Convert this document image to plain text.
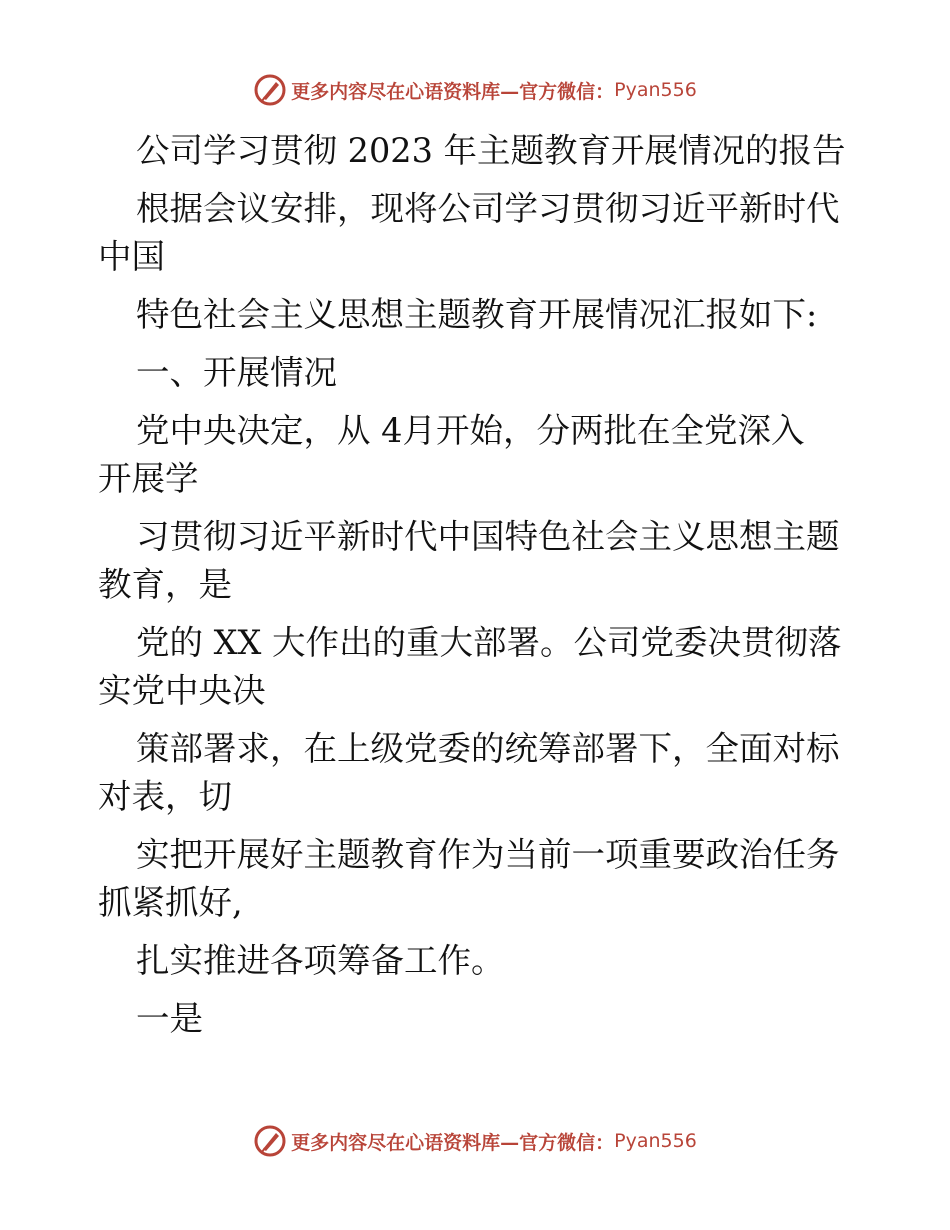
更多内容尽在心语资料库—官方微信： Pyan556
公司学习贯彻 2023 年主题教育开展情况的报告
根据会议安排，现将公司学习贯彻习近平新时代
中国
特色社会主义思想主题教育开展情况汇报如下:
一、开展情况
党中央决定，从 4月开始，分两批在全党深入
开展学
习贯彻习近平新时代中国特色社会主义思想主题
教育，是
党的 XX 大作出的重大部署。公司党委决贯彻落
实党中央决
策部署求，在上级党委的统筹部署下，全面对标
对表，切
实把开展好主题教育作为当前一项重要政治任务
抓紧抓好,
扎实推进各项筹备工作。
一是
更多内容尽在心语资料库—官方微信： Pyan556
